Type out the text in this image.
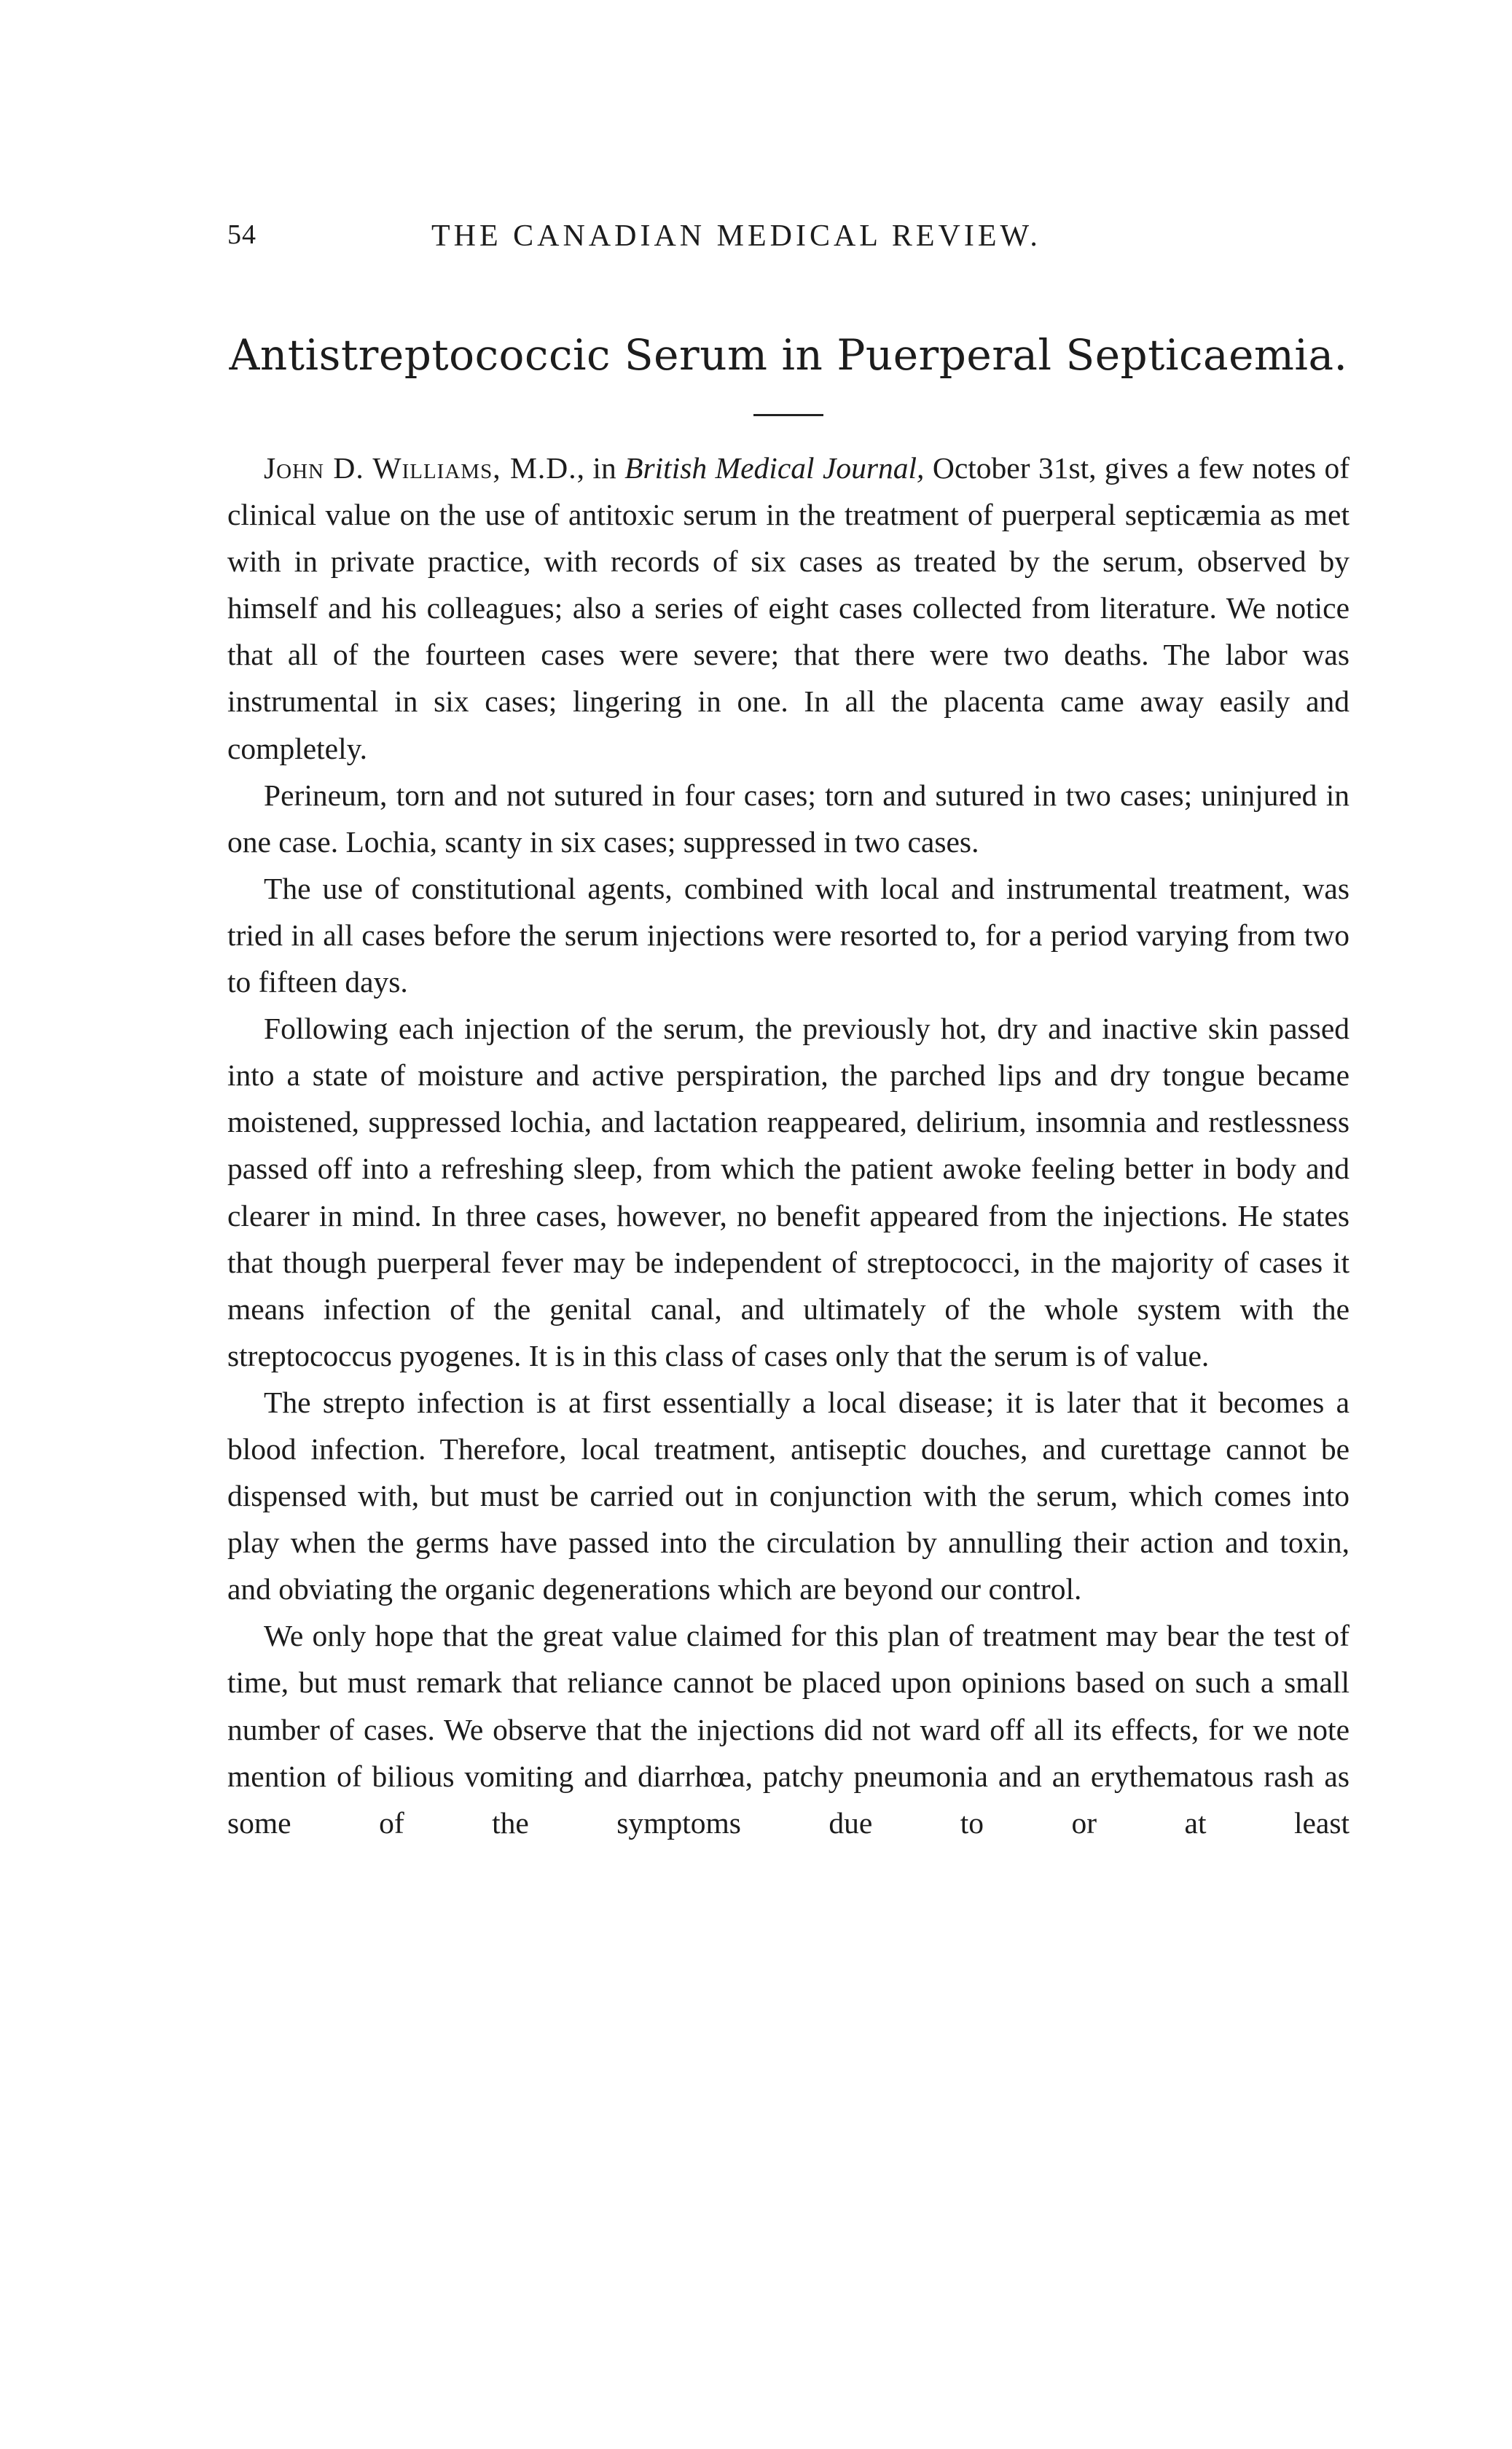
54	THE CANADIAN MEDICAL REVIEW.
Antistreptococcic Serum in Puerperal Septicaemia.

John D. Williams, M.D., in British Medical Journal, October 31st, gives a few notes of clinical value on the use of antitoxic serum in the treatment of puerperal septicæmia as met with in private practice, with records of six cases as treated by the serum, observed by himself and his colleagues; also a series of eight cases collected from literature. We notice that all of the fourteen cases were severe; that there were two deaths. The labor was instrumental in six cases; lingering in one. In all the placenta came away easily and completely.

Perineum, torn and not sutured in four cases; torn and sutured in two cases; uninjured in one case. Lochia, scanty in six cases; suppressed in two cases.

The use of constitutional agents, combined with local and instrumental treatment, was tried in all cases before the serum injections were resorted to, for a period varying from two to fifteen days.

Following each injection of the serum, the previously hot, dry and inactive skin passed into a state of moisture and active perspiration, the parched lips and dry tongue became moistened, suppressed lochia, and lactation reappeared, delirium, insomnia and restlessness passed off into a refreshing sleep, from which the patient awoke feeling better in body and clearer in mind. In three cases, however, no benefit appeared from the injections. He states that though puerperal fever may be independent of streptococci, in the majority of cases it means infection of the genital canal, and ultimately of the whole system with the streptococcus pyogenes. It is in this class of cases only that the serum is of value.

The strepto infection is at first essentially a local disease; it is later that it becomes a blood infection. Therefore, local treatment, antiseptic douches, and curettage cannot be dispensed with, but must be carried out in conjunction with the serum, which comes into play when the germs have passed into the circulation by annulling their action and toxin, and obviating the organic degenerations which are beyond our control.

We only hope that the great value claimed for this plan of treatment may bear the test of time, but must remark that reliance cannot be placed upon opinions based on such a small number of cases. We observe that the injections did not ward off all its effects, for we note mention of bilious vomiting and diarrhœa, patchy pneumonia and an erythematous rash as some of the symptoms due to or at least
